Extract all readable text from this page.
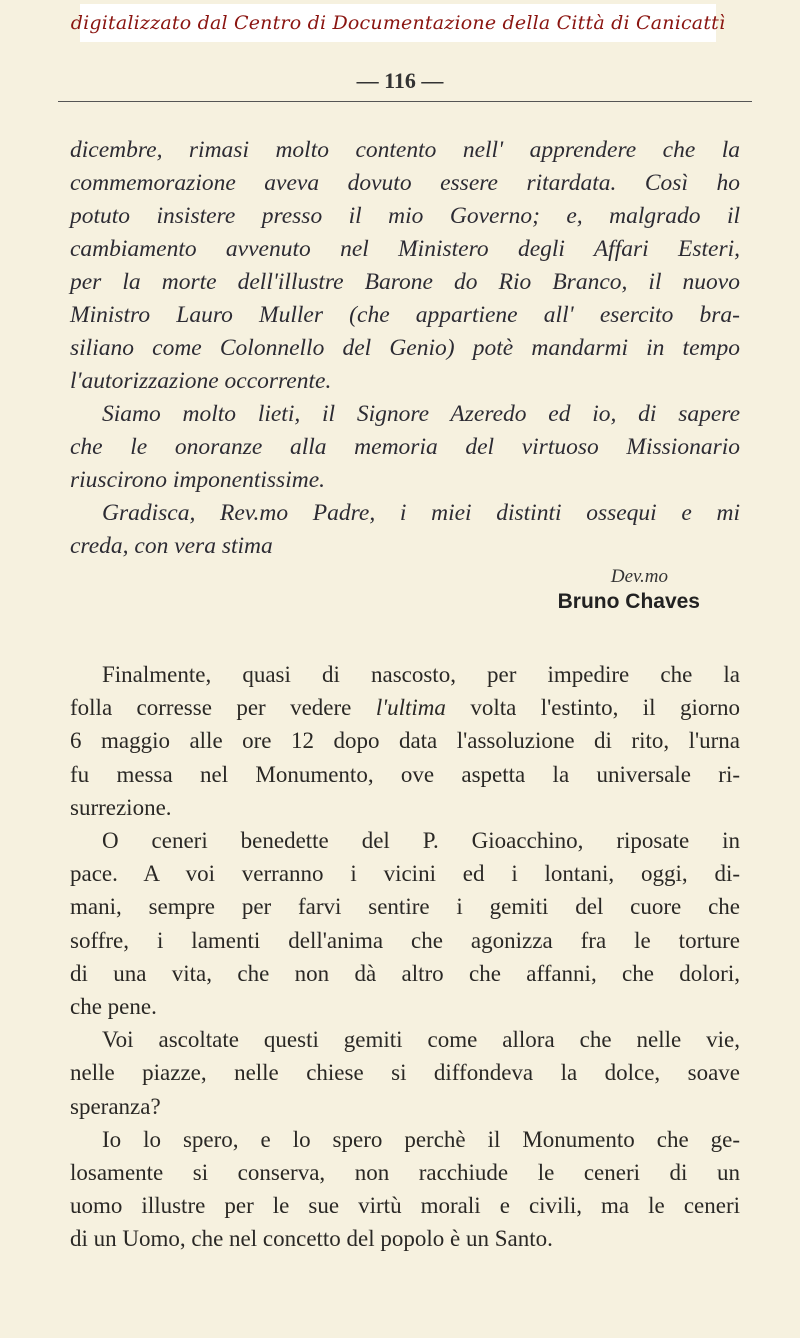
digitalizzato dal Centro di Documentazione della Città di Canicattì
— 116 —

dicembre, rimasi molto contento nell' apprendere che la
commemorazione aveva dovuto essere ritardata. Così ho
potuto insistere presso il mio Governo; e, malgrado il
cambiamento avvenuto nel Ministero degli Affari Esteri,
per la morte dell'illustre Barone do Rio Branco, il nuovo
Ministro Lauro Muller (che appartiene all' esercito bra-
siliano come Colonnello del Genio) potè mandarmi in tempo
l'autorizzazione occorrente.

Siamo molto lieti, il Signore Azeredo ed io, di sapere
che le onoranze alla memoria del virtuoso Missionario
riuscirono imponentissime.

Gradisca, Rev.mo Padre, i miei distinti ossequi e mi
creda, con vera stima

Dev.mo
Bruno Chaves

Finalmente, quasi di nascosto, per impedire che la
folla corresse per vedere l'ultima volta l'estinto, il giorno
6 maggio alle ore 12 dopo data l'assoluzione di rito, l'urna
fu messa nel Monumento, ove aspetta la universale ri-
surrezione.

O ceneri benedette del P. Gioacchino, riposate in
pace. A voi verranno i vicini ed i lontani, oggi, di-
mani, sempre per farvi sentire i gemiti del cuore che
soffre, i lamenti dell'anima che agonizza fra le torture
di una vita, che non dà altro che affanni, che dolori,
che pene.

Voi ascoltate questi gemiti come allora che nelle vie,
nelle piazze, nelle chiese si diffondeva la dolce, soave
speranza?

Io lo spero, e lo spero perchè il Monumento che ge-
losamente si conserva, non racchiude le ceneri di un
uomo illustre per le sue virtù morali e civili, ma le ceneri
di un Uomo, che nel concetto del popolo è un Santo.
